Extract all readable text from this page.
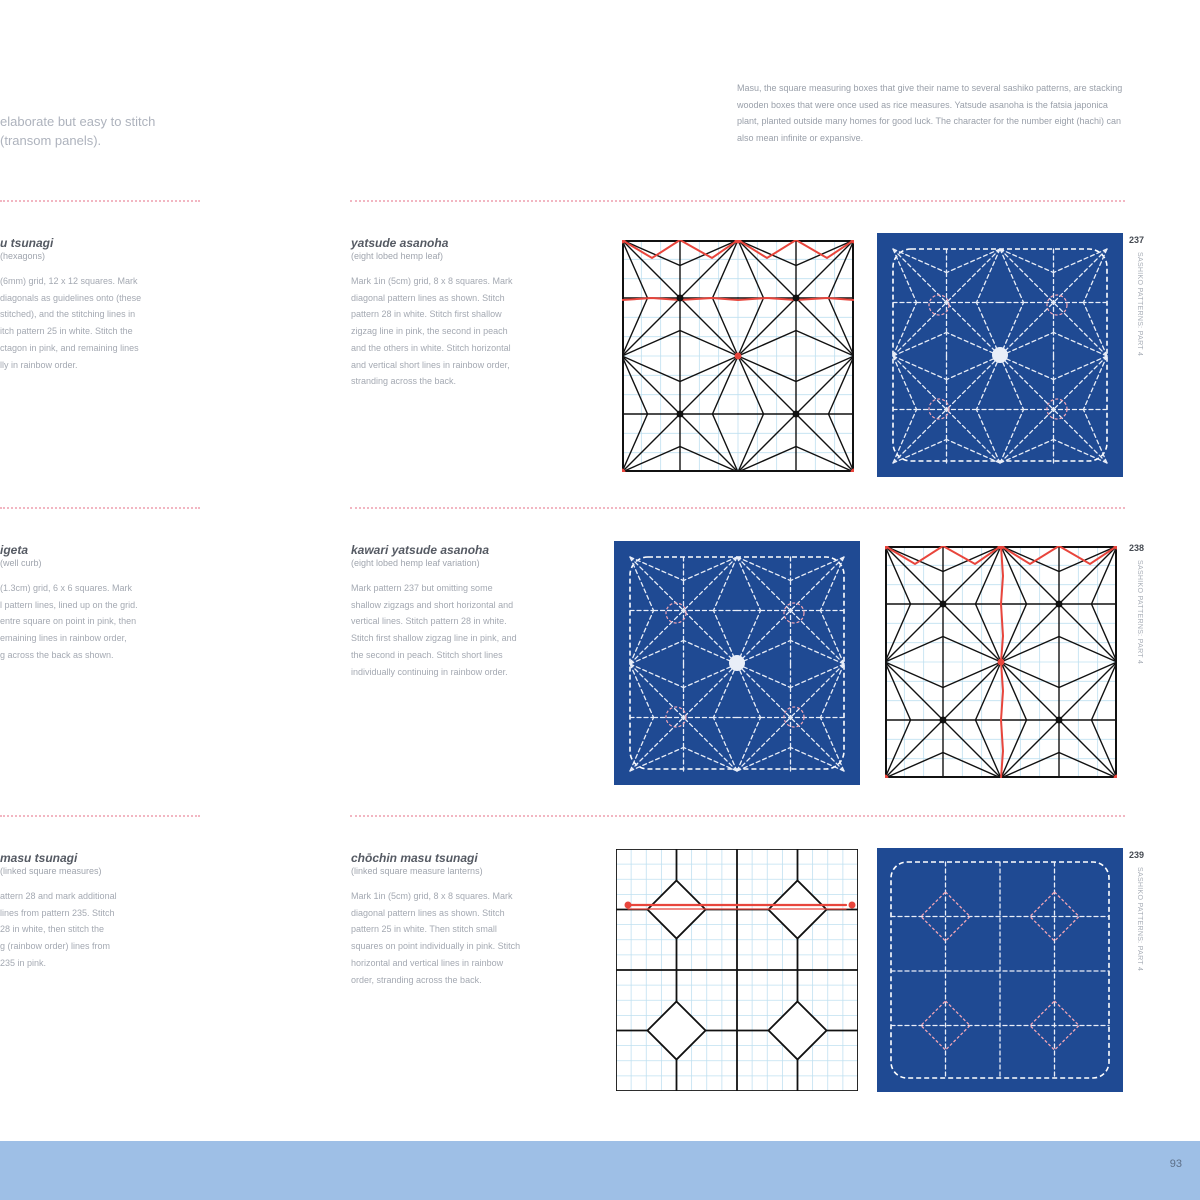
elaborate but easy to stitch
(transom panels).
Masu, the square measuring boxes that give their name to several sashiko patterns, are stacking wooden boxes that were once used as rice measures. Yatsude asanoha is the fatsia japonica plant, planted outside many homes for good luck. The character for the number eight (hachi) can also mean infinite or expansive.
u tsunagi
(hexagons)
(6mm) grid, 12 x 12 squares. Mark
diagonals as guidelines onto (these
stitched), and the stitching lines in
itch pattern 25 in white. Stitch the
ctagon in pink, and remaining lines
lly in rainbow order.
igeta
(well curb)
(1.3cm) grid, 6 x 6 squares. Mark
l pattern lines, lined up on the grid.
entre square on point in pink, then
emaining lines in rainbow order,
g across the back as shown.
masu tsunagi
(linked square measures)
attern 28 and mark additional
lines from pattern 235. Stitch
28 in white, then stitch the
g (rainbow order) lines from
235 in pink.
yatsude asanoha
(eight lobed hemp leaf)
Mark 1in (5cm) grid, 8 x 8 squares. Mark
diagonal pattern lines as shown. Stitch
pattern 28 in white. Stitch first shallow
zigzag line in pink, the second in peach
and the others in white. Stitch horizontal
and vertical short lines in rainbow order,
stranding across the back.
kawari yatsude asanoha
(eight lobed hemp leaf variation)
Mark pattern 237 but omitting some
shallow zigzags and short horizontal and
vertical lines. Stitch pattern 28 in white.
Stitch first shallow zigzag line in pink, and
the second in peach. Stitch short lines
individually continuing in rainbow order.
chōchin masu tsunagi
(linked square measure lanterns)
Mark 1in (5cm) grid, 8 x 8 squares. Mark
diagonal pattern lines as shown. Stitch
pattern 25 in white. Then stitch small
squares on point individually in pink. Stitch
horizontal and vertical lines in rainbow
order, stranding across the back.
237
SASHIKO PATTERNS: PART 4
238
SASHIKO PATTERNS: PART 4
239
SASHIKO PATTERNS: PART 4
93
